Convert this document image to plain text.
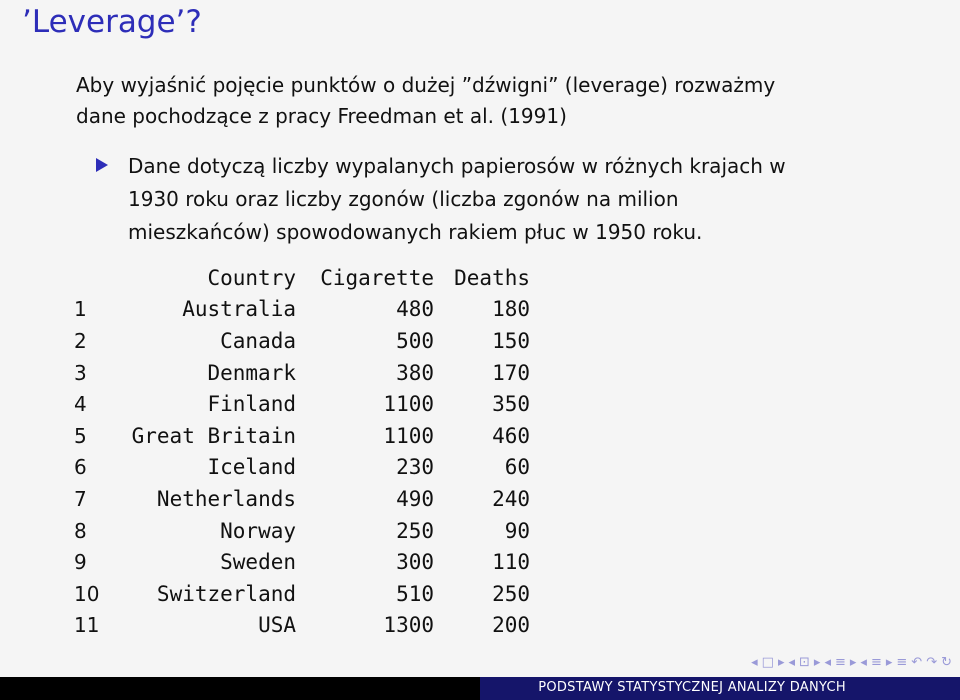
’Leverage’?
Aby wyjaśnić pojęcie punktów o dużej ”dźwigni” (leverage) rozważmy
dane pochodzące z pracy Freedman et al. (1991)
Dane dotyczą liczby wypalanych papierosów w różnych krajach w
1930 roku oraz liczby zgonów (liczba zgonów na milion
mieszkańców) spowodowanych rakiem płuc w 1950 roku.
	Country	Cigarette	Deaths
1	Australia	480	180
2	Canada	500	150
3	Denmark	380	170
4	Finland	1100	350
5	Great Britain	1100	460
6	Iceland	230	60
7	Netherlands	490	240
8	Norway	250	90
9	Sweden	300	110
10	Switzerland	510	250
11	USA	1300	200
◂ □ ▸ ◂ ⊡ ▸ ◂ ≡ ▸ ◂ ≡ ▸ ≡ ↶ ↷ ↻
PODSTAWY STATYSTYCZNEJ ANALIZY DANYCH
